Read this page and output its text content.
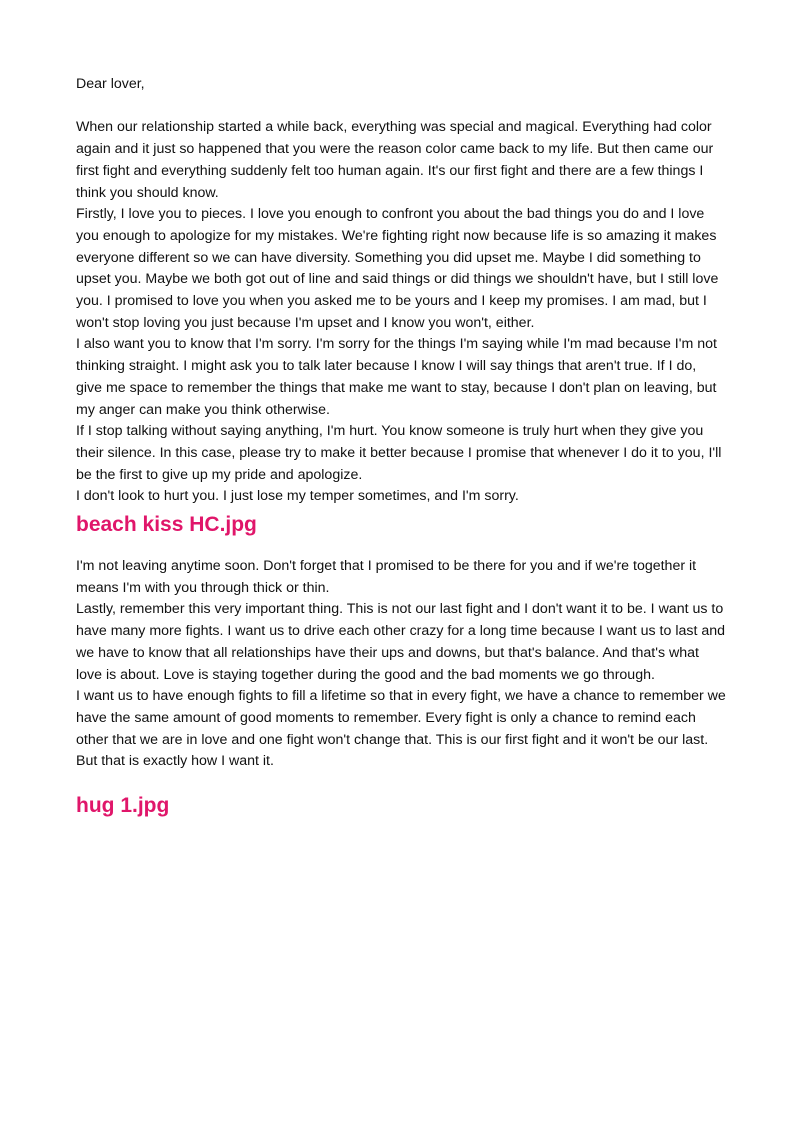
Dear lover,

When our relationship started a while back, everything was special and magical. Everything had color again and it just so happened that you were the reason color came back to my life. But then came our first fight and everything suddenly felt too human again. It's our first fight and there are a few things I think you should know.

Firstly, I love you to pieces. I love you enough to confront you about the bad things you do and I love you enough to apologize for my mistakes. We're fighting right now because life is so amazing it makes everyone different so we can have diversity. Something you did upset me. Maybe I did something to upset you. Maybe we both got out of line and said things or did things we shouldn't have, but I still love you. I promised to love you when you asked me to be yours and I keep my promises. I am mad, but I won't stop loving you just because I'm upset and I know you won't, either.

I also want you to know that I'm sorry. I'm sorry for the things I'm saying while I'm mad because I'm not thinking straight. I might ask you to talk later because I know I will say things that aren't true. If I do, give me space to remember the things that make me want to stay, because I don't plan on leaving, but my anger can make you think otherwise.

If I stop talking without saying anything, I'm hurt. You know someone is truly hurt when they give you their silence. In this case, please try to make it better because I promise that whenever I do it to you, I'll be the first to give up my pride and apologize.

I don't look to hurt you. I just lose my temper sometimes, and I'm sorry.

beach kiss HC.jpg

I'm not leaving anytime soon. Don't forget that I promised to be there for you and if we're together it means I'm with you through thick or thin.

Lastly, remember this very important thing. This is not our last fight and I don't want it to be. I want us to have many more fights. I want us to drive each other crazy for a long time because I want us to last and we have to know that all relationships have their ups and downs, but that's balance. And that's what love is about. Love is staying together during the good and the bad moments we go through.

I want us to have enough fights to fill a lifetime so that in every fight, we have a chance to remember we have the same amount of good moments to remember. Every fight is only a chance to remind each other that we are in love and one fight won't change that. This is our first fight and it won't be our last. But that is exactly how I want it.

hug 1.jpg
